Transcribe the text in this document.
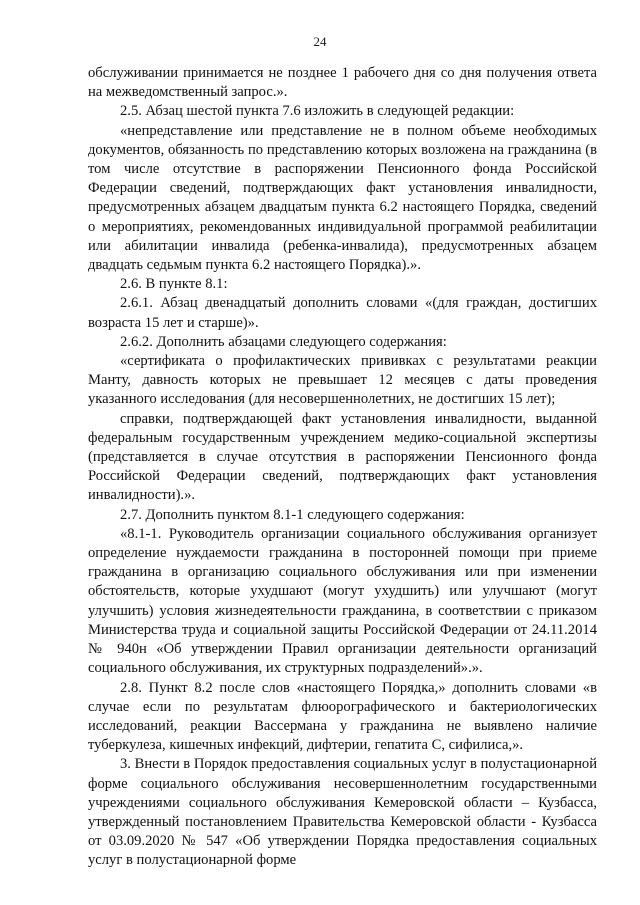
24

обслуживании принимается не позднее 1 рабочего дня со дня получения ответа на межведомственный запрос.».

2.5. Абзац шестой пункта 7.6 изложить в следующей редакции:

«непредставление или представление не в полном объеме необходимых документов, обязанность по представлению которых возложена на гражданина (в том числе отсутствие в распоряжении Пенсионного фонда Российской Федерации сведений, подтверждающих факт установления инвалидности, предусмотренных абзацем двадцатым пункта 6.2 настоящего Порядка, сведений о мероприятиях, рекомендованных индивидуальной программой реабилитации или абилитации инвалида (ребенка-инвалида), предусмотренных абзацем двадцать седьмым пункта 6.2 настоящего Порядка).».

2.6. В пункте 8.1:

2.6.1. Абзац двенадцатый дополнить словами «(для граждан, достигших возраста 15 лет и старше)».

2.6.2. Дополнить абзацами следующего содержания:

«сертификата о профилактических прививках с результатами реакции Манту, давность которых не превышает 12 месяцев с даты проведения указанного исследования (для несовершеннолетних, не достигших 15 лет);

справки, подтверждающей факт установления инвалидности, выданной федеральным государственным учреждением медико-социальной экспертизы (представляется в случае отсутствия в распоряжении Пенсионного фонда Российской Федерации сведений, подтверждающих факт установления инвалидности).».

2.7. Дополнить пунктом 8.1-1 следующего содержания:

«8.1-1. Руководитель организации социального обслуживания организует определение нуждаемости гражданина в посторонней помощи при приеме гражданина в организацию социального обслуживания или при изменении обстоятельств, которые ухудшают (могут ухудшить) или улучшают (могут улучшить) условия жизнедеятельности гражданина, в соответствии с приказом Министерства труда и социальной защиты Российской Федерации от 24.11.2014 № 940н «Об утверждении Правил организации деятельности организаций социального обслуживания, их структурных подразделений».».

2.8. Пункт 8.2 после слов «настоящего Порядка,» дополнить словами «в случае если по результатам флюорографического и бактериологических исследований, реакции Вассермана у гражданина не выявлено наличие туберкулеза, кишечных инфекций, дифтерии, гепатита С, сифилиса,».

3. Внести в Порядок предоставления социальных услуг в полустационарной форме социального обслуживания несовершеннолетним государственными учреждениями социального обслуживания Кемеровской области – Кузбасса, утвержденный постановлением Правительства Кемеровской области - Кузбасса от 03.09.2020 № 547 «Об утверждении Порядка предоставления социальных услуг в полустационарной форме
